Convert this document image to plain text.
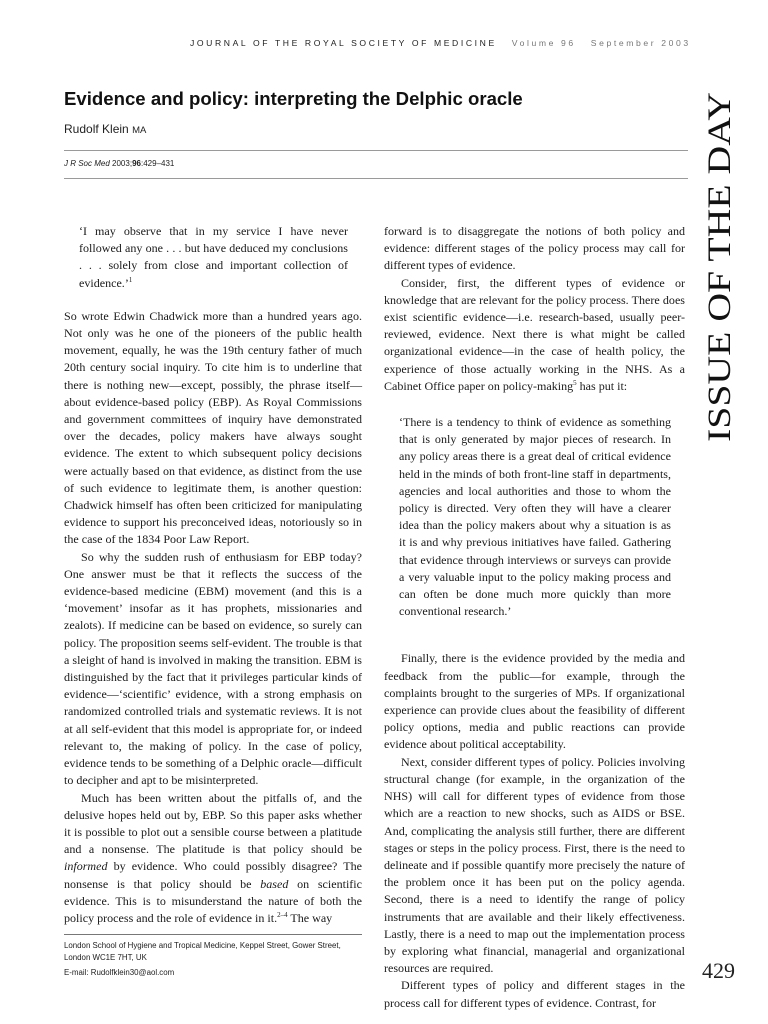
JOURNAL OF THE ROYAL SOCIETY OF MEDICINE Volume 96 September 2003
Evidence and policy: interpreting the Delphic oracle
Rudolf Klein MA
J R Soc Med 2003;96:429–431

‘I may observe that in my service I have never followed any one . . . but have deduced my conclusions . . . solely from close and important collection of evidence.’$^1$

So wrote Edwin Chadwick more than a hundred years ago. Not only was he one of the pioneers of the public health movement, equally, he was the 19th century father of much 20th century social inquiry. To cite him is to underline that there is nothing new—except, possibly, the phrase itself—about evidence-based policy (EBP). As Royal Commissions and government committees of inquiry have demonstrated over the decades, policy makers have always sought evidence. The extent to which subsequent policy decisions were actually based on that evidence, as distinct from the use of such evidence to legitimate them, is another question: Chadwick himself has often been criticized for manipulating evidence to support his preconceived ideas, notoriously so in the case of the 1834 Poor Law Report.

So why the sudden rush of enthusiasm for EBP today? One answer must be that it reflects the success of the evidence-based medicine (EBM) movement (and this is a ‘movement’ insofar as it has prophets, missionaries and zealots). If medicine can be based on evidence, so surely can policy. The proposition seems self-evident. The trouble is that a sleight of hand is involved in making the transition. EBM is distinguished by the fact that it privileges particular kinds of evidence—‘scientific’ evidence, with a strong emphasis on randomized controlled trials and systematic reviews. It is not at all self-evident that this model is appropriate for, or indeed relevant to, the making of policy. In the case of policy, evidence tends to be something of a Delphic oracle—difficult to decipher and apt to be misinterpreted.

Much has been written about the pitfalls of, and the delusive hopes held out by, EBP. So this paper asks whether it is possible to plot out a sensible course between a platitude and a nonsense. The platitude is that policy should be informed by evidence. Who could possibly disagree? The nonsense is that policy should be based on scientific evidence. This is to misunderstand the nature of both the policy process and the role of evidence in it.$^{2-4}$ The way

forward is to disaggregate the notions of both policy and evidence: different stages of the policy process may call for different types of evidence.

Consider, first, the different types of evidence or knowledge that are relevant for the policy process. There does exist scientific evidence—i.e. research-based, usually peer-reviewed, evidence. Next there is what might be called organizational evidence—in the case of health policy, the experience of those actually working in the NHS. As a Cabinet Office paper on policy-making$^5$ has put it:

‘There is a tendency to think of evidence as something that is only generated by major pieces of research. In any policy areas there is a great deal of critical evidence held in the minds of both front-line staff in departments, agencies and local authorities and those to whom the policy is directed. Very often they will have a clearer idea than the policy makers about why a situation is as it is and why previous initiatives have failed. Gathering that evidence through interviews or surveys can provide a very valuable input to the policy making process and can often be done much more quickly than more conventional research.’

Finally, there is the evidence provided by the media and feedback from the public—for example, through the complaints brought to the surgeries of MPs. If organizational experience can provide clues about the feasibility of different policy options, media and public reactions can provide evidence about political acceptability.

Next, consider different types of policy. Policies involving structural change (for example, in the organization of the NHS) will call for different types of evidence from those which are a reaction to new shocks, such as AIDS or BSE. And, complicating the analysis still further, there are different stages or steps in the policy process. First, there is the need to delineate and if possible quantify more precisely the nature of the problem once it has been put on the policy agenda. Second, there is a need to identify the range of policy instruments that are available and their likely effectiveness. Lastly, there is a need to map out the implementation process by exploring what financial, managerial and organizational resources are required.

Different types of policy and different stages in the process call for different types of evidence. Contrast, for

London School of Hygiene and Tropical Medicine, Keppel Street, Gower Street, London WC1E 7HT, UK
E-mail: Rudolfklein30@aol.com
ISSUE OF THE DAY
429
